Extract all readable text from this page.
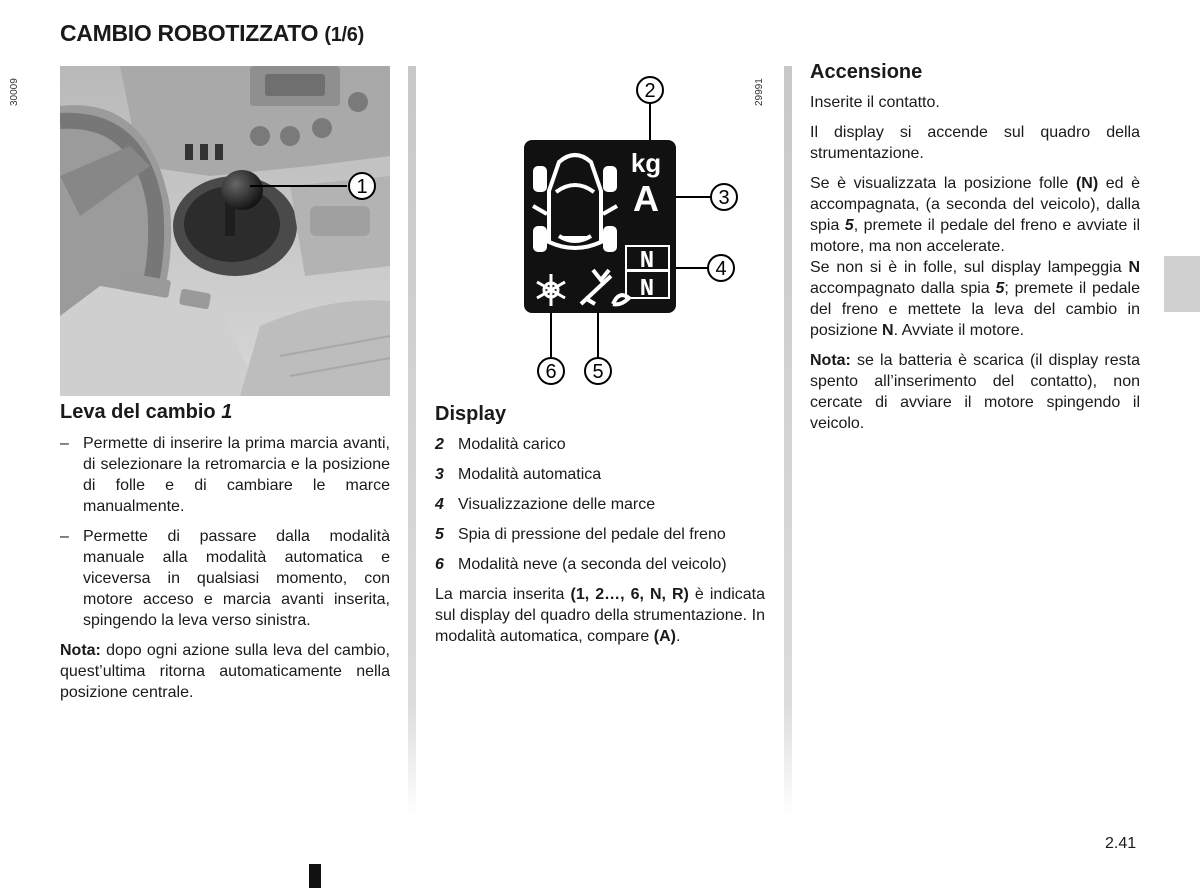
CAMBIO ROBOTIZZATO (1/6)
1
30009
Leva del cambio 1
– Permette di inserire la prima marcia avanti, di selezionare la retromarcia e la posizione di folle e di cambiare le marce manualmente.
– Permette di passare dalla modalità manuale alla modalità automatica e viceversa in qualsiasi momento, con motore acceso e marcia avanti inserita, spingendo la leva verso sinistra.

Nota: dopo ogni azione sulla leva del cambio, quest’ultima ritorna automaticamente nella posizione centrale.

kg
A
N
N
2
3
4
6 5
29991
Display
2 Modalità carico
3 Modalità automatica
4 Visualizzazione delle marce
5 Spia di pressione del pedale del freno
6 Modalità neve (a seconda del veicolo)

La marcia inserita (1, 2…, 6, N, R) è indicata sul display del quadro della strumentazione. In modalità automatica, compare (A).

Accensione

Inserite il contatto.

Il display si accende sul quadro della strumentazione.

Se è visualizzata la posizione folle (N) ed è accompagnata, (a seconda del veicolo), dalla spia 5, premete il pedale del freno e avviate il motore, ma non accelerate.
Se non si è in folle, sul display lampeggia N accompagnato dalla spia 5; premete il pedale del freno e mettete la leva del cambio in posizione N. Avviate il motore.

Nota: se la batteria è scarica (il display resta spento all’inserimento del contatto), non cercate di avviare il motore spingendo il veicolo.

2.41
